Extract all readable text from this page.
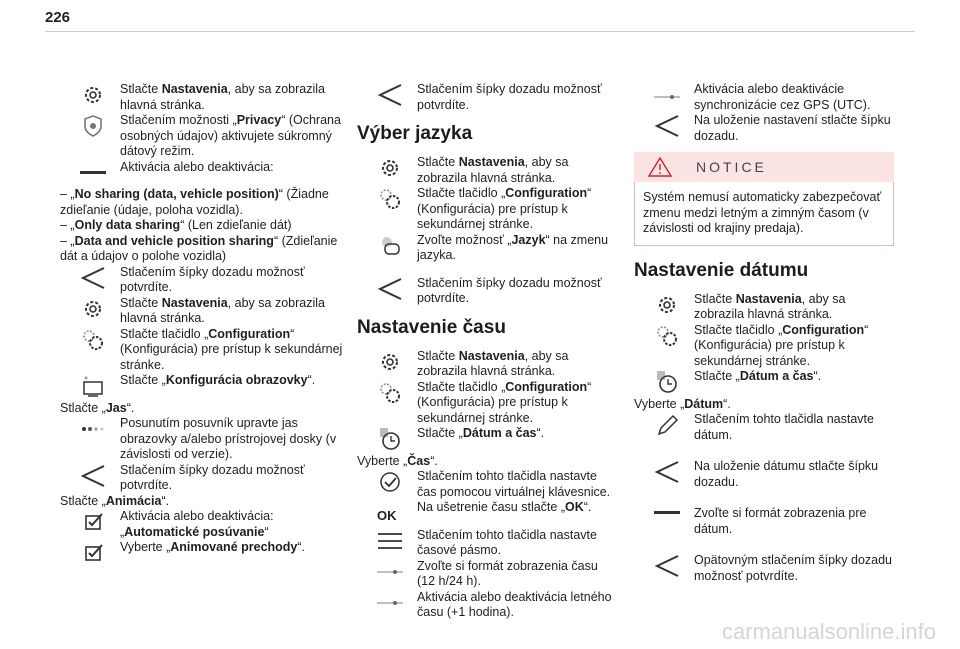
226
Stlačte Nastavenia, aby sa zobrazila hlavná stránka.
Stlačením možnosti „Privacy“ (Ochrana osobných údajov) aktivujete súkromný dátový režim.
Aktivácia alebo deaktivácia:
– „No sharing (data, vehicle position)“ (Žiadne zdieľanie (údaje, poloha vozidla).
– „Only data sharing“ (Len zdieľanie dát)
– „Data and vehicle position sharing“ (Zdieľanie dát a údajov o polohe vozidla)
Stlačením šípky dozadu možnosť potvrdíte.
Stlačte Nastavenia, aby sa zobrazila hlavná stránka.
Stlačte tlačidlo „Configuration“ (Konfigurácia) pre prístup k sekundárnej stránke.
Stlačte „Konfigurácia obrazovky“.
Stlačte „Jas“.
Posunutím posuvník upravte jas obrazovky a/alebo prístrojovej dosky (v závislosti od verzie).
Stlačením šípky dozadu možnosť potvrdíte.
Stlačte „Animácia“.
Aktivácia alebo deaktivácia:
„Automatické posúvanie“
Vyberte „Animované prechody“.
Stlačením šípky dozadu možnosť potvrdíte.
Výber jazyka
Stlačte Nastavenia, aby sa zobrazila hlavná stránka.
Stlačte tlačidlo „Configuration“ (Konfigurácia) pre prístup k sekundárnej stránke.
Zvoľte možnosť „Jazyk“ na zmenu jazyka.
Stlačením šípky dozadu možnosť potvrdíte.
Nastavenie času
Stlačte Nastavenia, aby sa zobrazila hlavná stránka.
Stlačte tlačidlo „Configuration“ (Konfigurácia) pre prístup k sekundárnej stránke.
Stlačte „Dátum a čas“.
Vyberte „Čas“.
Stlačením tohto tlačidla nastavte čas pomocou virtuálnej klávesnice.
OK
Na ušetrenie času stlačte „OK“.
Stlačením tohto tlačidla nastavte časové pásmo.
Zvoľte si formát zobrazenia času (12 h/24 h).
Aktivácia alebo deaktivácia letného času (+1 hodina).
Aktivácia alebo deaktivácie synchronizácie cez GPS (UTC).
Na uloženie nastavení stlačte šípku dozadu.
NOTICE
Systém nemusí automaticky zabezpečovať zmenu medzi letným a zimným časom (v závislosti od krajiny predaja).
Nastavenie dátumu
Stlačte Nastavenia, aby sa zobrazila hlavná stránka.
Stlačte tlačidlo „Configuration“ (Konfigurácia) pre prístup k sekundárnej stránke.
Stlačte „Dátum a čas“.
Vyberte „Dátum“.
Stlačením tohto tlačidla nastavte dátum.
Na uloženie dátumu stlačte šípku dozadu.
Zvoľte si formát zobrazenia pre dátum.
Opätovným stlačením šípky dozadu možnosť potvrdíte.
carmanualsonline.info
